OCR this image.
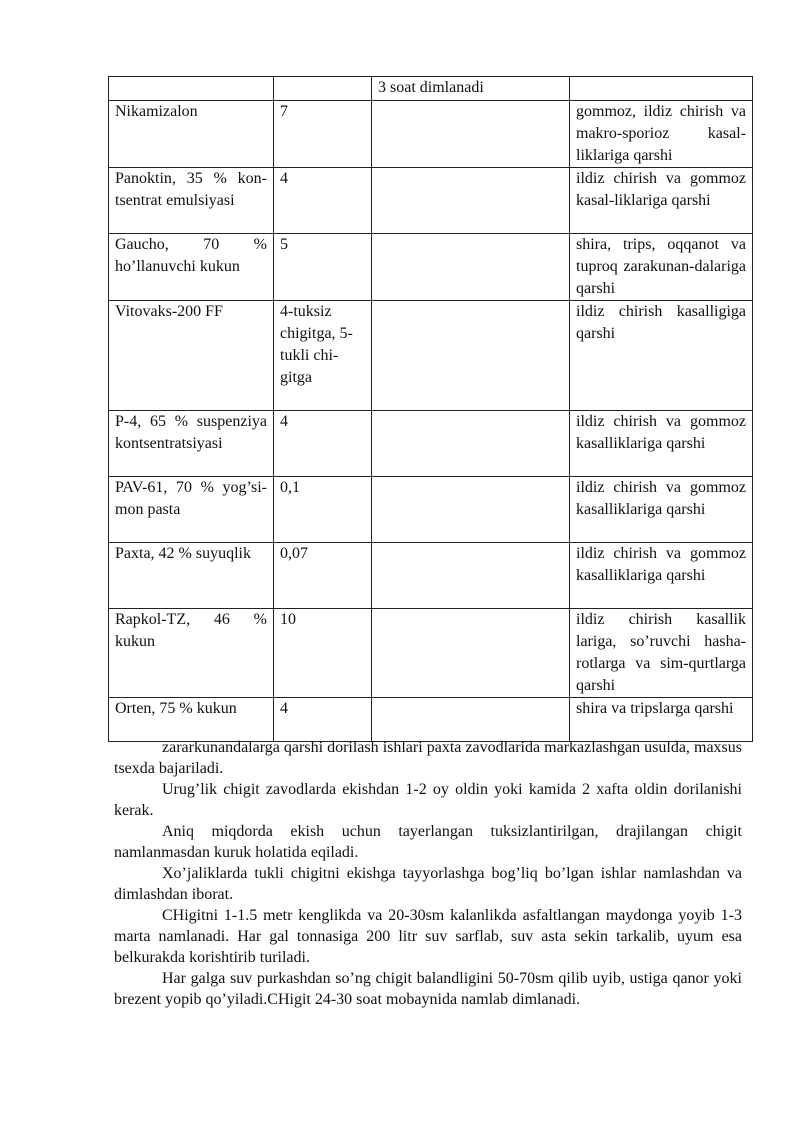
		3 soat dimlanadi	
Nikamizalon	7		gommoz, ildiz chirish va makro-sporioz kasal-liklariga qarshi
Panoktin, 35 % kon-tsentrat emulsiyasi	4		ildiz chirish va gommoz kasal-liklariga qarshi
Gaucho, 70 % ho’llanuvchi kukun	5		shira, trips, oqqanot va tuproq zarakunan-dalariga qarshi
Vitovaks-200 FF	4-tuksiz chigitga, 5-tukli chi-gitga		ildiz chirish kasalligiga qarshi
P-4, 65 % suspenziya kontsentratsiyasi	4		ildiz chirish va gommoz kasalliklariga qarshi
PAV-61, 70 % yog’si-mon pasta	0,1		ildiz chirish va gommoz kasalliklariga qarshi
Paxta, 42 % suyuqlik	0,07		ildiz chirish va gommoz kasalliklariga qarshi
Rapkol-TZ, 46 % kukun	10		ildiz chirish kasallik lariga, so’ruvchi hasha-rotlarga va sim-qurtlarga qarshi
Orten, 75 % kukun	4		shira va tripslarga qarshi

zararkunandalarga qarshi dorilash ishlari paxta zavodlarida markazlashgan usulda, maxsus tsexda bajariladi.

Urug’lik chigit zavodlarda ekishdan 1-2 oy oldin yoki kamida 2 xafta oldin dorilanishi kerak.

Aniq miqdorda ekish uchun tayerlangan tuksizlantirilgan, drajilangan chigit namlanmasdan kuruk holatida eqiladi.

Xo’jaliklarda tukli chigitni ekishga tayyorlashga bog’liq bo’lgan ishlar namlashdan va dimlashdan iborat.

CHigitni 1-1.5 metr kenglikda va 20-30sm kalanlikda asfaltlangan maydonga yoyib 1-3 marta namlanadi. Har gal tonnasiga 200 litr suv sarflab, suv asta sekin tarkalib, uyum esa belkurakda korishtirib turiladi.

Har galga suv purkashdan so’ng chigit balandligini 50-70sm qilib uyib, ustiga qanor yoki brezent yopib qo’yiladi.CHigit 24-30 soat mobaynida namlab dimlanadi.
